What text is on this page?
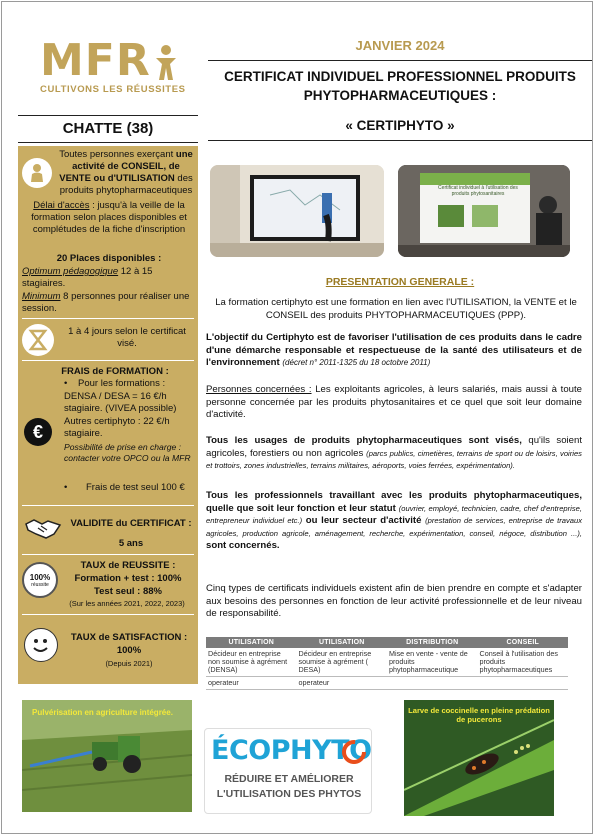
MFR
CULTIVONS LES RÉUSSITES
JANVIER 2024
CERTIFICAT INDIVIDUEL PROFESSIONNEL PRODUITS PHYTOPHARMACEUTIQUES :
« CERTIPHYTO »
CHATTE (38)
Toutes personnes exerçant une activité de CONSEIL, de VENTE ou d'UTILISATION des produits phytopharmaceutiques
Délai d'accès : jusqu'à la veille de la formation selon places disponibles et complétudes de la fiche d'inscription
20 Places disponibles :
Optimum pédagogique 12 à 15 stagiaires.
Minimum 8 personnes pour réaliser une session.
1 à 4 jours selon le certificat visé.
FRAIS de FORMATION :
€
•	Pour les formations :
DENSA / DESA = 16 €/h stagiaire. (VIVEA possible)
Autres certiphyto : 22 €/h stagiaire.
Possibilité de prise en charge : contacter votre OPCO ou la MFR
•	Frais de test seul 100 €
VALIDITE du CERTIFICAT :
5 ans
100%
réussite
TAUX de REUSSITE :
Formation + test : 100%
Test seul : 88%
(Sur les années 2021, 2022, 2023)
TAUX de SATISFACTION :
100%
(Depuis 2021)
Certificat individuel à l'utilisation des produits phytosanitaires
PRESENTATION GENERALE :
La formation certiphyto est une formation en lien avec l'UTILISATION, la VENTE et le CONSEIL des produits PHYTOPHARMACEUTIQUES (PPP).
L'objectif du Certiphyto est de favoriser l'utilisation de ces produits dans le cadre d'une démarche responsable et respectueuse de la santé des utilisateurs et de l'environnement (décret n° 2011-1325 du 18 octobre 2011)
Personnes concernées : Les exploitants agricoles, à leurs salariés, mais aussi à toute personne concernée par les produits phytosanitaires et ce quel que soit leur domaine d'activité.
Tous les usages de produits phytopharmaceutiques sont visés, qu'ils soient agricoles, forestiers ou non agricoles (parcs publics, cimetières, terrains de sport ou de loisirs, voiries et trottoirs, zones industrielles, terrains militaires, aéroports, voies ferrées, expérimentation).
Tous les professionnels travaillant avec les produits phytopharmaceutiques, quelle que soit leur fonction et leur statut (ouvrier, employé, technicien, cadre, chef d'entreprise, entrepreneur individuel etc.) ou leur secteur d'activité (prestation de services, entreprise de travaux agricoles, production agricole, aménagement, recherche, expérimentation, conseil, négoce, distribution ...), sont concernés.
Cinq types de certificats individuels existent afin de bien prendre en compte et s'adapter aux besoins des personnes en fonction de leur activité professionnelle et de leur niveau de responsabilité.
UTILISATION	UTILISATION	DISTRIBUTION	CONSEIL
Décideur en entreprise non soumise à agrément (DENSA)	Décideur en entreprise soumise à agrément ( DESA)	Mise en vente - vente de produits phytopharmaceutique	Conseil à l'utilisation des produits phytopharmaceutiques
operateur	operateur		
Pulvérisation en agriculture intégrée.
ÉCOPHYTO
RÉDUIRE ET AMÉLIORER
L'UTILISATION DES PHYTOS
Larve de coccinelle en pleine prédation de pucerons
